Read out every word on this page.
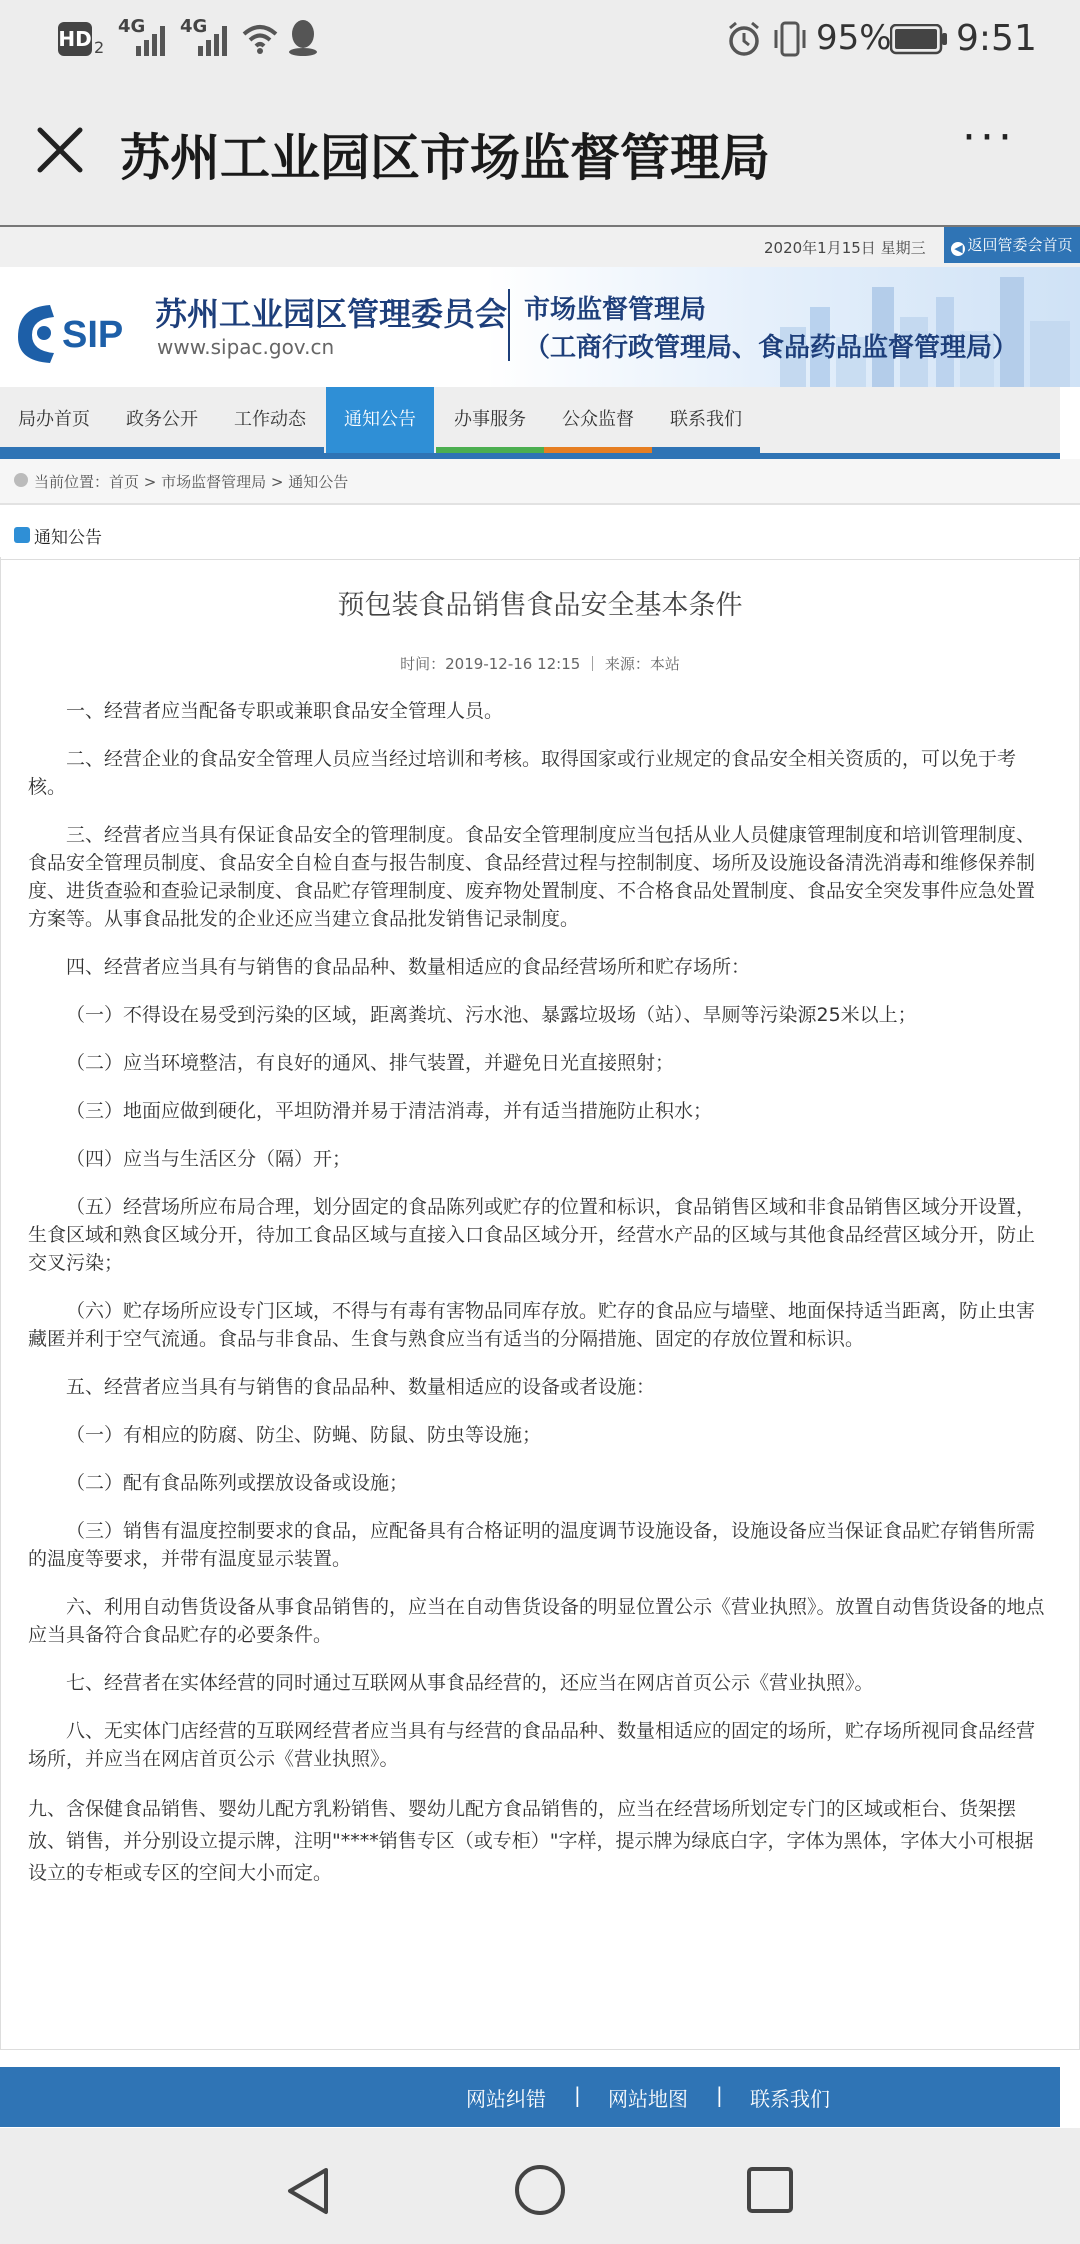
HD 2
4G 4G	95% 9:51
苏州工业园区市场监督管理局	···
2020年1月15日 星期三	◀ 返回管委会首页
SIP 苏州工业园区管理委员会
www.sipac.gov.cn
市场监督管理局
（工商行政管理局、食品药品监督管理局）
局办首页	政务公开	工作动态	通知公告	办事服务	公众监督	联系我们
当前位置：首页 > 市场监督管理局 > 通知公告
通知公告
预包装食品销售食品安全基本条件
时间：2019-12-16 12:15 ｜ 来源：本站

一、经营者应当配备专职或兼职食品安全管理人员。

二、经营企业的食品安全管理人员应当经过培训和考核。取得国家或行业规定的食品安全相关资质的，可以免于考核。

三、经营者应当具有保证食品安全的管理制度。食品安全管理制度应当包括从业人员健康管理制度和培训管理制度、食品安全管理员制度、食品安全自检自查与报告制度、食品经营过程与控制制度、场所及设施设备清洗消毒和维修保养制度、进货查验和查验记录制度、食品贮存管理制度、废弃物处置制度、不合格食品处置制度、食品安全突发事件应急处置方案等。从事食品批发的企业还应当建立食品批发销售记录制度。

四、经营者应当具有与销售的食品品种、数量相适应的食品经营场所和贮存场所：

（一）不得设在易受到污染的区域，距离粪坑、污水池、暴露垃圾场（站）、旱厕等污染源25米以上；

（二）应当环境整洁，有良好的通风、排气装置，并避免日光直接照射；

（三）地面应做到硬化，平坦防滑并易于清洁消毒，并有适当措施防止积水；

（四）应当与生活区分（隔）开；

（五）经营场所应布局合理，划分固定的食品陈列或贮存的位置和标识，食品销售区域和非食品销售区域分开设置，生食区域和熟食区域分开，待加工食品区域与直接入口食品区域分开，经营水产品的区域与其他食品经营区域分开，防止交叉污染；

（六）贮存场所应设专门区域，不得与有毒有害物品同库存放。贮存的食品应与墙壁、地面保持适当距离，防止虫害藏匿并利于空气流通。食品与非食品、生食与熟食应当有适当的分隔措施、固定的存放位置和标识。

五、经营者应当具有与销售的食品品种、数量相适应的设备或者设施：

（一）有相应的防腐、防尘、防蝇、防鼠、防虫等设施；

（二）配有食品陈列或摆放设备或设施；

（三）销售有温度控制要求的食品，应配备具有合格证明的温度调节设施设备，设施设备应当保证食品贮存销售所需的温度等要求，并带有温度显示装置。

六、利用自动售货设备从事食品销售的，应当在自动售货设备的明显位置公示《营业执照》。放置自动售货设备的地点应当具备符合食品贮存的必要条件。

七、经营者在实体经营的同时通过互联网从事食品经营的，还应当在网店首页公示《营业执照》。

八、无实体门店经营的互联网经营者应当具有与经营的食品品种、数量相适应的固定的场所，贮存场所视同食品经营场所，并应当在网店首页公示《营业执照》。

九、含保健食品销售、婴幼儿配方乳粉销售、婴幼儿配方食品销售的，应当在经营场所划定专门的区域或柜台、货架摆放、销售，并分别设立提示牌，注明"****销售专区（或专柜）"字样，提示牌为绿底白字，字体为黑体，字体大小可根据设立的专柜或专区的空间大小而定。

网站纠错 | 网站地图 | 联系我们
